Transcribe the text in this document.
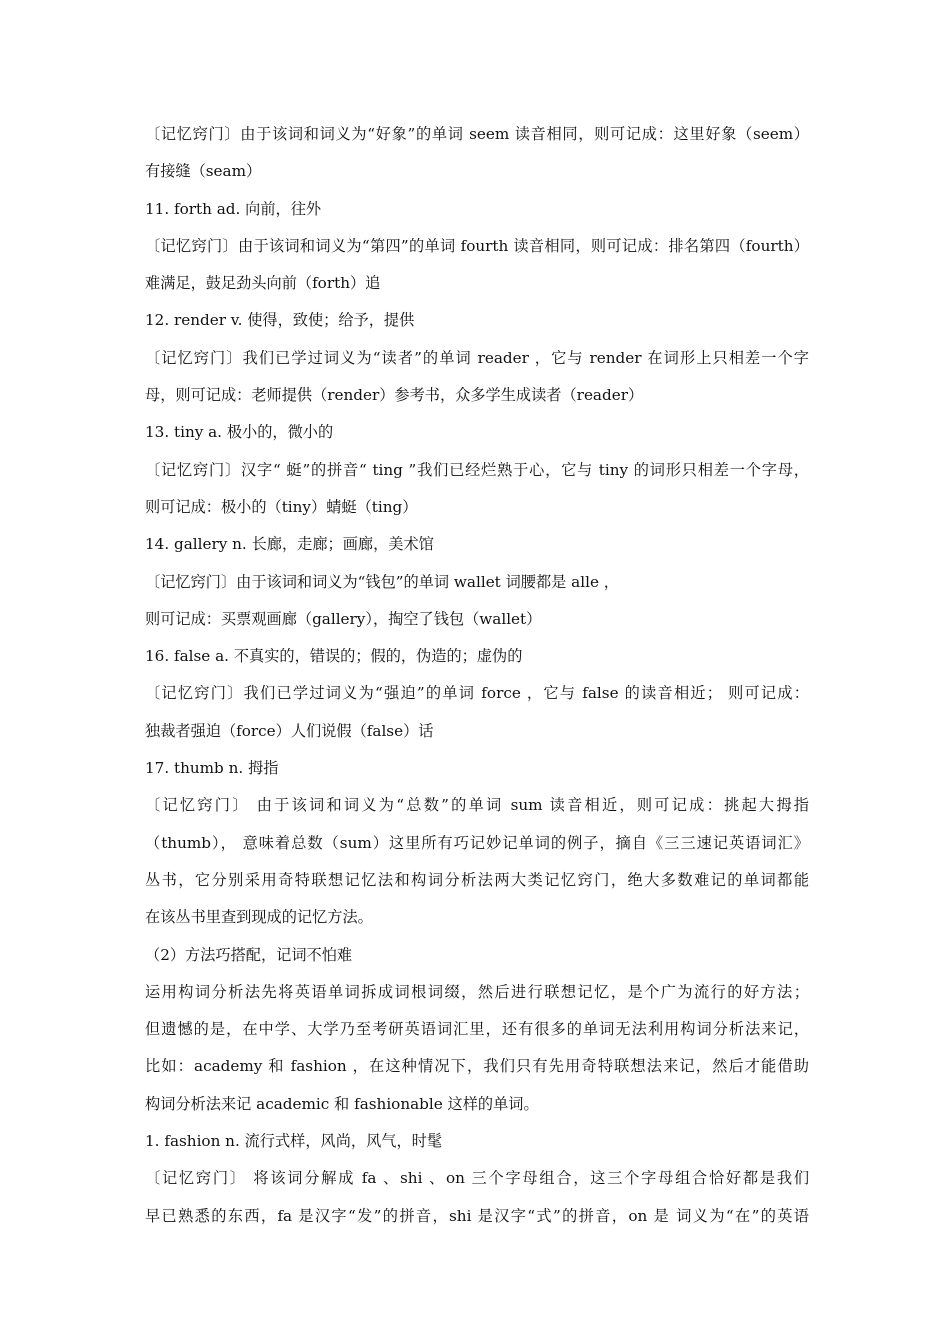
〔记忆窍门〕由于该词和词义为“好象”的单词 seem 读音相同，则可记成：这里好象（seem）
有接缝（seam）
11. forth ad. 向前，往外
〔记忆窍门〕由于该词和词义为“第四”的单词 fourth 读音相同，则可记成：排名第四（fourth）
难满足，鼓足劲头向前（forth）追
12. render v. 使得，致使；给予，提供
〔记忆窍门〕我们已学过词义为“读者”的单词 reader ，它与 render 在词形上只相差一个字
母，则可记成：老师提供（render）参考书，众多学生成读者（reader）
13. tiny a. 极小的，微小的
〔记忆窍门〕汉字“ 蜓”的拼音“ ting ”我们已经烂熟于心，它与 tiny 的词形只相差一个字母，
则可记成：极小的（tiny）蜻蜓（ting）
14. gallery n. 长廊，走廊；画廊，美术馆
〔记忆窍门〕由于该词和词义为“钱包”的单词 wallet 词腰都是 alle ，
则可记成：买票观画廊（gallery），掏空了钱包（wallet）
16. false a. 不真实的，错误的；假的，伪造的；虚伪的
〔记忆窍门〕我们已学过词义为“强迫”的单词 force ，它与 false 的读音相近； 则可记成：
独裁者强迫（force）人们说假（false）话
17. thumb n. 拇指
〔记忆窍门〕 由于该词和词义为“总数”的单词 sum 读音相近，则可记成：挑起大拇指
（thumb）， 意味着总数（sum）这里所有巧记妙记单词的例子，摘自《三三速记英语词汇》
丛书，它分别采用奇特联想记忆法和构词分析法两大类记忆窍门，绝大多数难记的单词都能
在该丛书里查到现成的记忆方法。
（2）方法巧搭配，记词不怕难
运用构词分析法先将英语单词拆成词根词缀，然后进行联想记忆，是个广为流行的好方法；
但遗憾的是，在中学、大学乃至考研英语词汇里，还有很多的单词无法利用构词分析法来记，
比如：academy 和 fashion ，在这种情况下，我们只有先用奇特联想法来记，然后才能借助
构词分析法来记 academic 和 fashionable 这样的单词。
1. fashion n. 流行式样，风尚，风气，时髦
〔记忆窍门〕 将该词分解成 fa 、shi 、on 三个字母组合，这三个字母组合恰好都是我们
早已熟悉的东西，fa 是汉字“发”的拼音，shi 是汉字“式”的拼音，on 是 词义为“在”的英语
